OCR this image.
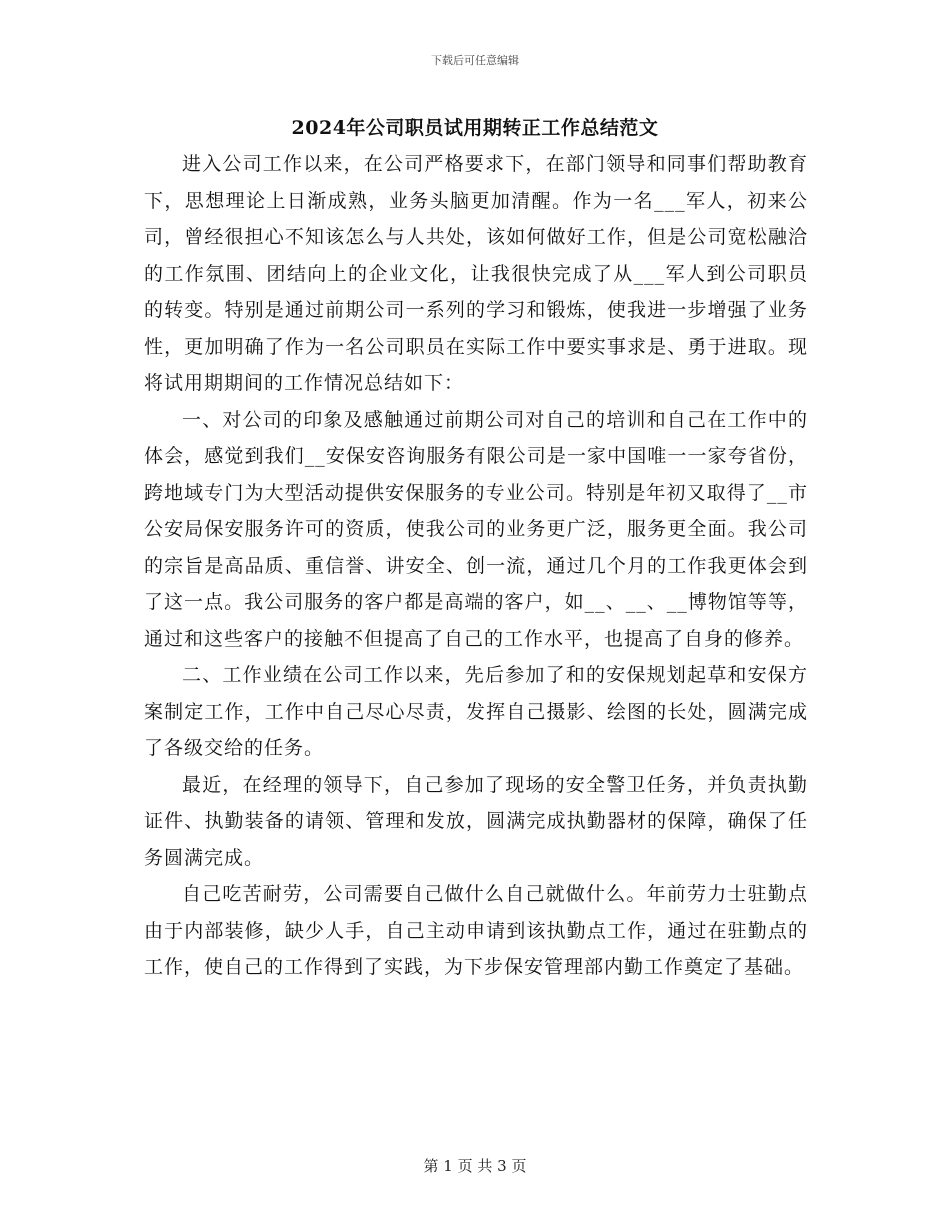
下载后可任意编辑
2024年公司职员试用期转正工作总结范文

进入公司工作以来，在公司严格要求下，在部门领导和同事们帮助教育下，思想理论上日渐成熟，业务头脑更加清醒。作为一名___军人，初来公司，曾经很担心不知该怎么与人共处，该如何做好工作，但是公司宽松融洽的工作氛围、团结向上的企业文化，让我很快完成了从___军人到公司职员的转变。特别是通过前期公司一系列的学习和锻炼，使我进一步增强了业务性，更加明确了作为一名公司职员在实际工作中要实事求是、勇于进取。现将试用期期间的工作情况总结如下：

一、对公司的印象及感触通过前期公司对自己的培训和自己在工作中的体会，感觉到我们__安保安咨询服务有限公司是一家中国唯一一家夸省份，跨地域专门为大型活动提供安保服务的专业公司。特别是年初又取得了__市公安局保安服务许可的资质，使我公司的业务更广泛，服务更全面。我公司的宗旨是高品质、重信誉、讲安全、创一流，通过几个月的工作我更体会到了这一点。我公司服务的客户都是高端的客户，如__、__、__博物馆等等，通过和这些客户的接触不但提高了自己的工作水平，也提高了自身的修养。

二、工作业绩在公司工作以来，先后参加了和的安保规划起草和安保方案制定工作，工作中自己尽心尽责，发挥自己摄影、绘图的长处，圆满完成了各级交给的任务。

最近，在经理的领导下，自己参加了现场的安全警卫任务，并负责执勤证件、执勤装备的请领、管理和发放，圆满完成执勤器材的保障，确保了任务圆满完成。

自己吃苦耐劳，公司需要自己做什么自己就做什么。年前劳力士驻勤点由于内部装修，缺少人手，自己主动申请到该执勤点工作，通过在驻勤点的工作，使自己的工作得到了实践，为下步保安管理部内勤工作奠定了基础。

第 1 页 共 3 页
